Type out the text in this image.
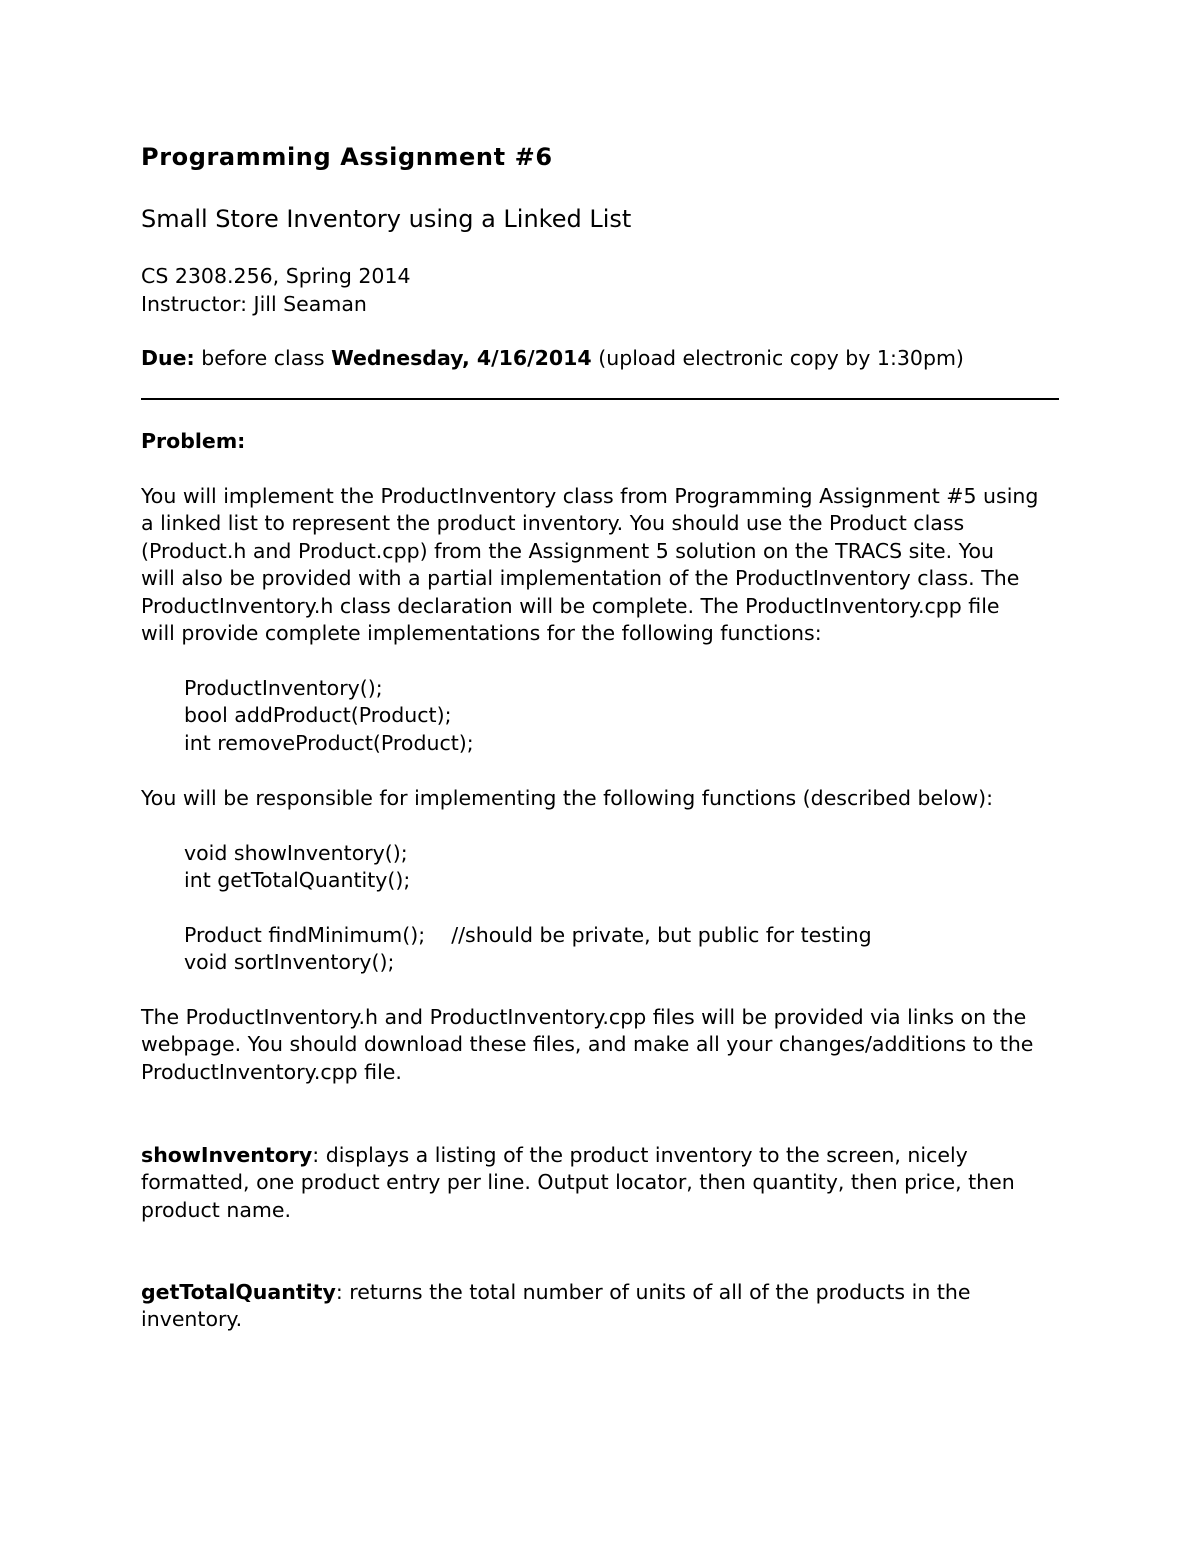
Programming Assignment #6

Small Store Inventory using a Linked List

CS 2308.256, Spring 2014

Instructor: Jill Seaman

Due: before class Wednesday, 4/16/2014 (upload electronic copy by 1:30pm)

Problem:

You will implement the ProductInventory class from Programming Assignment #5 using
a linked list to represent the product inventory. You should use the Product class
(Product.h and Product.cpp) from the Assignment 5 solution on the TRACS site. You
will also be provided with a partial implementation of the ProductInventory class. The
ProductInventory.h class declaration will be complete. The ProductInventory.cpp file
will provide complete implementations for the following functions:
ProductInventory();
bool addProduct(Product);
int removeProduct(Product);

You will be responsible for implementing the following functions (described below):

void showInventory();
int getTotalQuantity();
Product findMinimum();    //should be private, but public for testing
void sortInventory();
The ProductInventory.h and ProductInventory.cpp files will be provided via links on the
webpage. You should download these files, and make all your changes/additions to the
ProductInventory.cpp file.
showInventory: displays a listing of the product inventory to the screen, nicely
formatted, one product entry per line. Output locator, then quantity, then price, then
product name.
getTotalQuantity: returns the total number of units of all of the products in the
inventory.
